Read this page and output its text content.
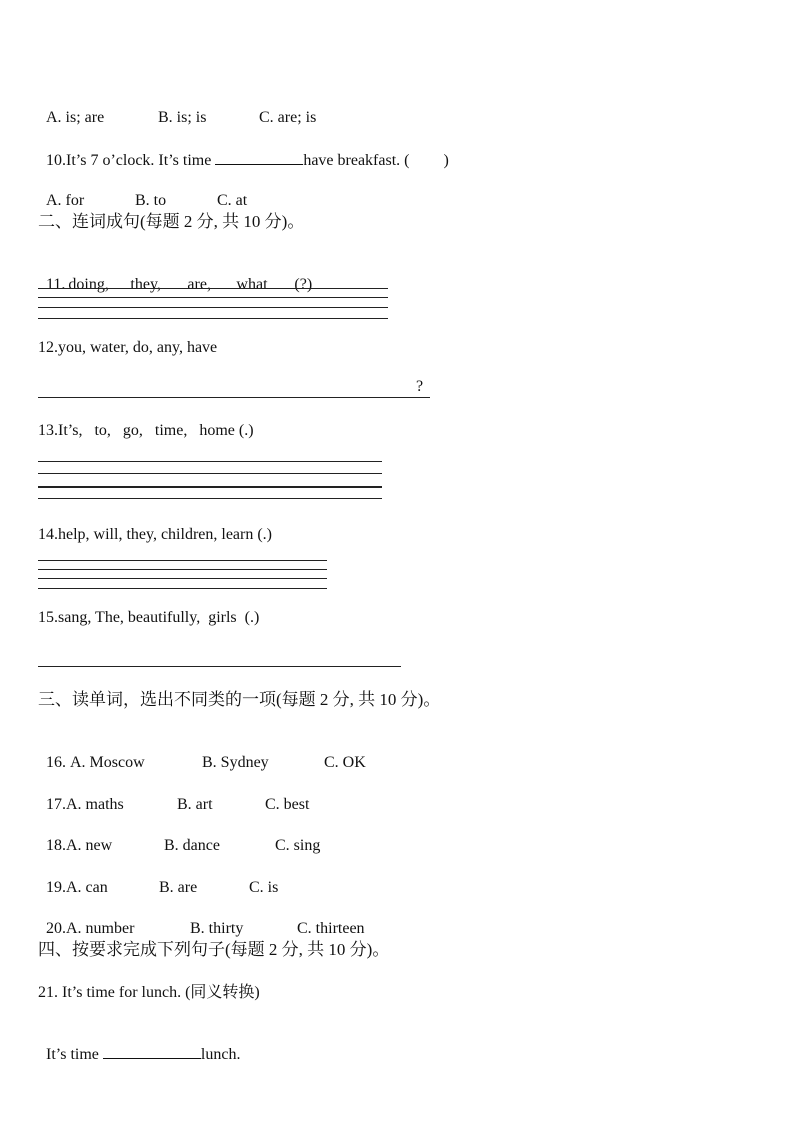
A. is; are	B. is; is	C. are; is

10.It’s 7 o’clock. It’s time	have breakfast. ( )

A. for	B. to	C. at

二、连词成句(每题 2 分, 共 10 分)。

11. doing, they, are, what (?)

12.you, water, do, any, have
?
13.It’s,   to,   go,   time,   home (.)
14.help, will, they, children, learn (.)
15.sang, The, beautifully,  girls  (.)
三、读单词，选出不同类的一项(每题 2 分, 共 10 分)。

16. A. Moscow	B. Sydney	C. OK

17.A. maths	B. art	C. best

18.A. new	B. dance	C. sing

19.A. can	B. are	C. is

20.A. number	B. thirty	C. thirteen

四、按要求完成下列句子(每题 2 分, 共 10 分)。
21. It’s time for lunch. (同义转换)

It’s time	lunch.
